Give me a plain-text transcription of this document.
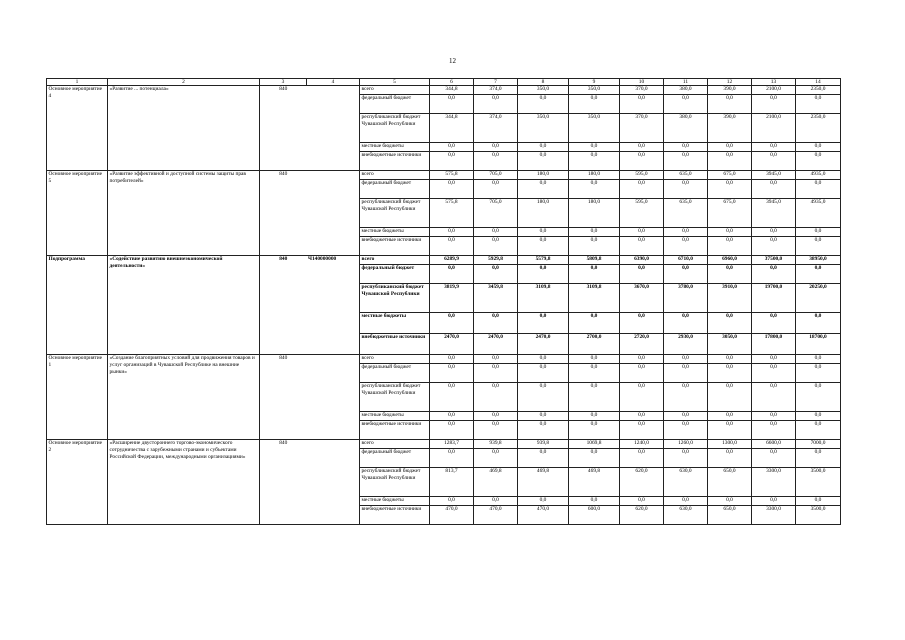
12
1	2	3	4	5	6	7	8	9	10	11	12	13	14
Основное мероприятие 4	«Развитие ... потенциала»	840		всего	344,8	374,0	350,0	350,0	370,0	380,0	390,0	2100,0	2350,0
				федеральный бюджет	0,0	0,0	0,0	0,0	0,0	0,0	0,0	0,0	0,0
				республиканский бюджет Чувашской Республики	344,8	374,0	350,0	350,0	370,0	380,0	390,0	2100,0	2350,0
				местные бюджеты	0,0	0,0	0,0	0,0	0,0	0,0	0,0	0,0	0,0
				внебюджетные источники	0,0	0,0	0,0	0,0	0,0	0,0	0,0	0,0	0,0
Основное мероприятие 5	«Развитие эффективной и доступной системы защиты прав потребителей»	840		всего	575,8	705,0	180,0	180,0	595,0	635,0	675,0	3945,0	4935,0
				федеральный бюджет	0,0	0,0	0,0	0,0	0,0	0,0	0,0	0,0	0,0
				республиканский бюджет Чувашской Республики	575,8	705,0	180,0	180,0	595,0	635,0	675,0	3945,0	4935,0
				местные бюджеты	0,0	0,0	0,0	0,0	0,0	0,0	0,0	0,0	0,0
				внебюджетные источники	0,0	0,0	0,0	0,0	0,0	0,0	0,0	0,0	0,0
Подпрограмма	«Содействие развитию внешнеэкономической деятельности»	840	Ч140000000	всего	6289,9	5929,8	5579,8	5809,8	6390,0	6710,0	6960,0	37500,0	38950,0
				федеральный бюджет	0,0	0,0	0,0	0,0	0,0	0,0	0,0	0,0	0,0
				республиканский бюджет Чувашской Республики	3819,9	3459,8	3109,8	3109,8	3670,0	3780,0	3910,0	19700,0	20250,0
				местные бюджеты	0,0	0,0	0,0	0,0	0,0	0,0	0,0	0,0	0,0
				внебюджетные источники	2470,0	2470,0	2470,0	2700,0	2720,0	2930,0	3050,0	17800,0	18700,0
Основное мероприятие 1	«Создание благоприятных условий для продвижения товаров и услуг организаций в Чувашской Республике на внешние рынки»	840		всего	0,0	0,0	0,0	0,0	0,0	0,0	0,0	0,0	0,0
				федеральный бюджет	0,0	0,0	0,0	0,0	0,0	0,0	0,0	0,0	0,0
				республиканский бюджет Чувашской Республики	0,0	0,0	0,0	0,0	0,0	0,0	0,0	0,0	0,0
				местные бюджеты	0,0	0,0	0,0	0,0	0,0	0,0	0,0	0,0	0,0
				внебюджетные источники	0,0	0,0	0,0	0,0	0,0	0,0	0,0	0,0	0,0
Основное мероприятие 2	«Расширение двустороннего торгово-экономического сотрудничества с зарубежными странами и субъектами Российской Федерации, международными организациями»	840		всего	1283,7	939,8	939,8	1069,8	1240,0	1260,0	1300,0	6600,0	7000,0
				федеральный бюджет	0,0	0,0	0,0	0,0	0,0	0,0	0,0	0,0	0,0
				республиканский бюджет Чувашской Республики	813,7	469,8	469,8	469,8	620,0	630,0	650,0	3300,0	3500,0
				местные бюджеты	0,0	0,0	0,0	0,0	0,0	0,0	0,0	0,0	0,0
				внебюджетные источники	470,0	470,0	470,0	600,0	620,0	630,0	650,0	3300,0	3500,0
